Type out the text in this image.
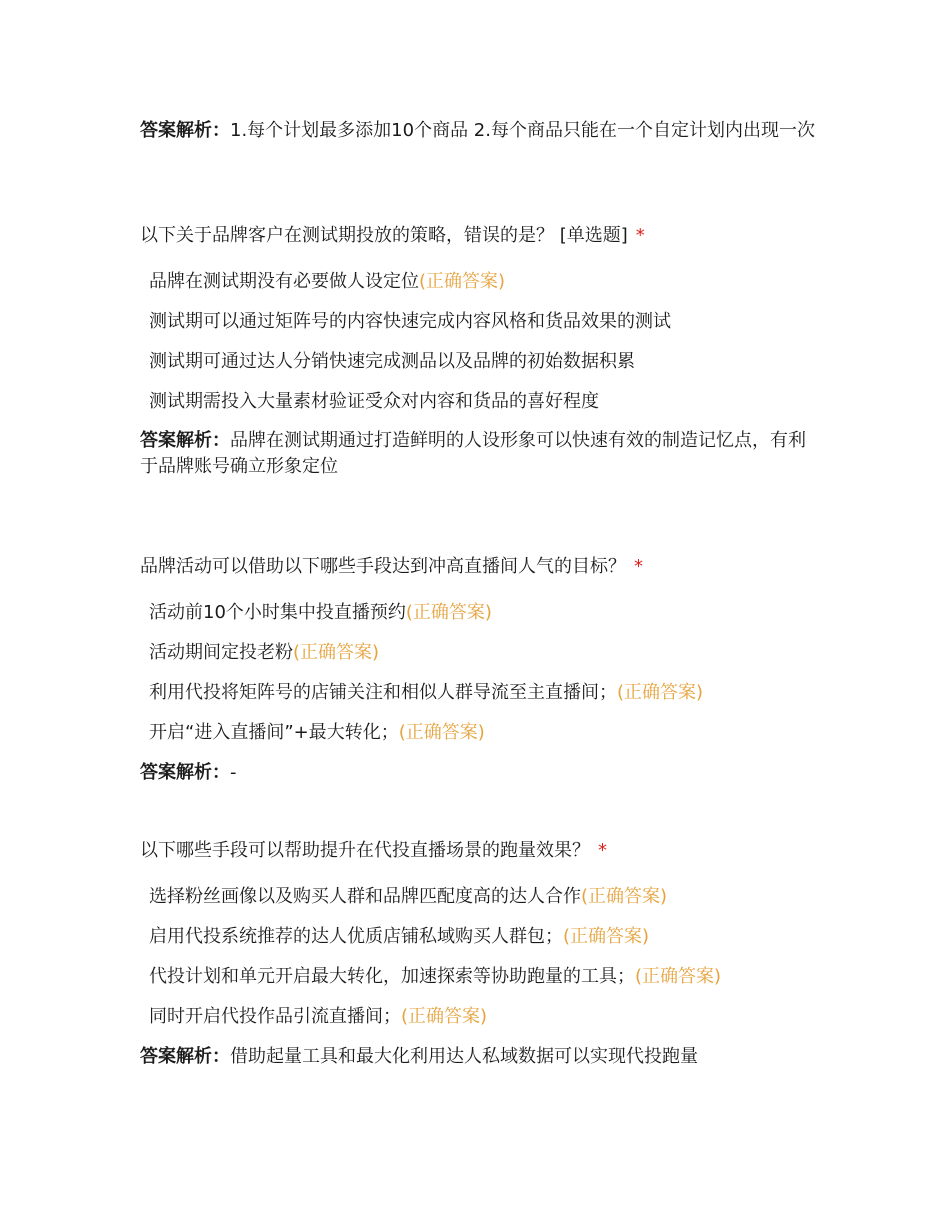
答案解析：1.每个计划最多添加10个商品 2.每个商品只能在一个自定计划内出现一次
以下关于品牌客户在测试期投放的策略，错误的是？ [单选题] *
品牌在测试期没有必要做人设定位(正确答案)
测试期可以通过矩阵号的内容快速完成内容风格和货品效果的测试
测试期可通过达人分销快速完成测品以及品牌的初始数据积累
测试期需投入大量素材验证受众对内容和货品的喜好程度
答案解析：品牌在测试期通过打造鲜明的人设形象可以快速有效的制造记忆点，有利于品牌账号确立形象定位
品牌活动可以借助以下哪些手段达到冲高直播间人气的目标？ *
活动前10个小时集中投直播预约(正确答案)
活动期间定投老粉(正确答案)
利用代投将矩阵号的店铺关注和相似人群导流至主直播间；(正确答案)
开启“进入直播间”+最大转化；(正确答案)
答案解析：-
以下哪些手段可以帮助提升在代投直播场景的跑量效果？ *
选择粉丝画像以及购买人群和品牌匹配度高的达人合作(正确答案)
启用代投系统推荐的达人优质店铺私域购买人群包；(正确答案)
代投计划和单元开启最大转化，加速探索等协助跑量的工具；(正确答案)
同时开启代投作品引流直播间；(正确答案)
答案解析：借助起量工具和最大化利用达人私域数据可以实现代投跑量
